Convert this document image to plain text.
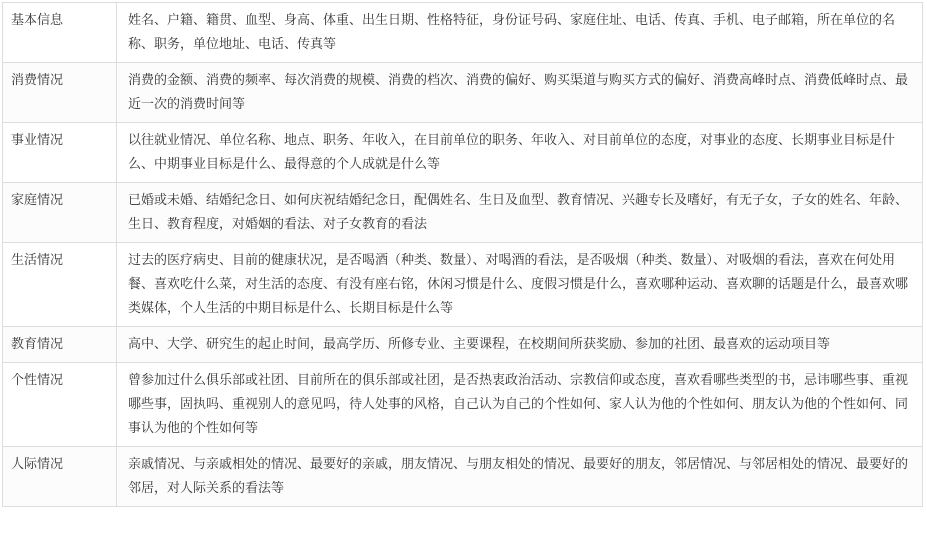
基本信息	姓名、户籍、籍贯、血型、身高、体重、出生日期、性格特征，身份证号码、家庭住址、电话、传真、手机、电子邮箱，所在单位的名称、职务，单位地址、电话、传真等
消费情况	消费的金额、消费的频率、每次消费的规模、消费的档次、消费的偏好、购买渠道与购买方式的偏好、消费高峰时点、消费低峰时点、最近一次的消费时间等
事业情况	以往就业情况、单位名称、地点、职务、年收入，在目前单位的职务、年收入、对目前单位的态度，对事业的态度、长期事业目标是什么、中期事业目标是什么、最得意的个人成就是什么等
家庭情况	已婚或未婚、结婚纪念日、如何庆祝结婚纪念日，配偶姓名、生日及血型、教育情况、兴趣专长及嗜好，有无子女，子女的姓名、年龄、生日、教育程度，对婚姻的看法、对子女教育的看法
生活情况	过去的医疗病史、目前的健康状况，是否喝酒（种类、数量）、对喝酒的看法，是否吸烟（种类、数量）、对吸烟的看法，喜欢在何处用餐、喜欢吃什么菜，对生活的态度、有没有座右铭，休闲习惯是什么、度假习惯是什么，喜欢哪种运动、喜欢聊的话题是什么，最喜欢哪类媒体，个人生活的中期目标是什么、长期目标是什么等
教育情况	高中、大学、研究生的起止时间，最高学历、所修专业、主要课程，在校期间所获奖励、参加的社团、最喜欢的运动项目等
个性情况	曾参加过什么俱乐部或社团、目前所在的俱乐部或社团，是否热衷政治活动、宗教信仰或态度，喜欢看哪些类型的书，忌讳哪些事、重视哪些事，固执吗、重视别人的意见吗，待人处事的风格，自己认为自己的个性如何、家人认为他的个性如何、朋友认为他的个性如何、同事认为他的个性如何等
人际情况	亲戚情况、与亲戚相处的情况、最要好的亲戚，朋友情况、与朋友相处的情况、最要好的朋友，邻居情况、与邻居相处的情况、最要好的邻居，对人际关系的看法等
